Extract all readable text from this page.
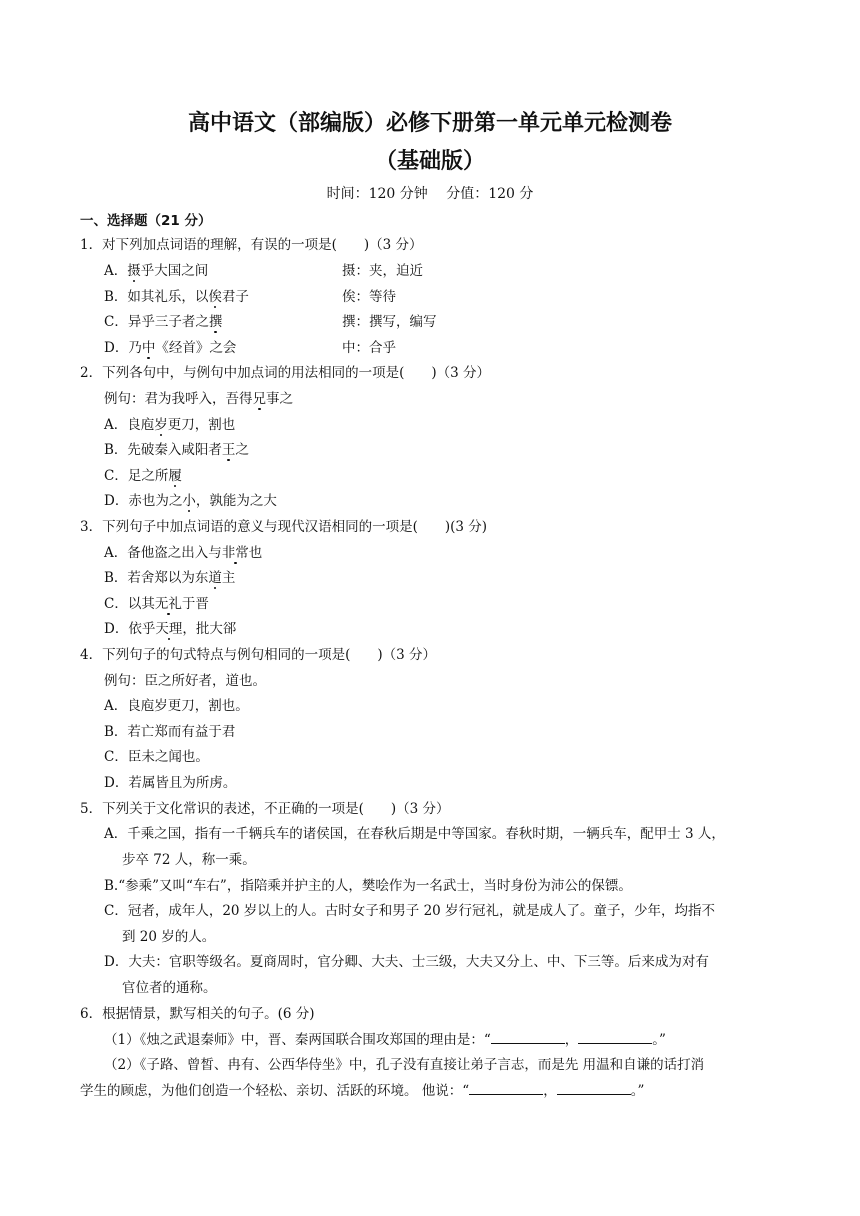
高中语文（部编版）必修下册第一单元单元检测卷
（基础版）
时间：120 分钟　 分值：120 分
一、选择题（21 分）
1．对下列加点词语的理解，有误的一项是(　　)（3 分）
A．摄乎大国之间	摄：夹，迫近
B．如其礼乐，以俟君子	俟：等待
C．异乎三子者之撰	撰：撰写，编写
D．乃中《经首》之会	中：合乎
2．下列各句中，与例句中加点词的用法相同的一项是(　　)（3 分）
例句：君为我呼入，吾得兄事之
A．良庖岁更刀，割也
B．先破秦入咸阳者王之
C．足之所履
D．赤也为之小，孰能为之大
3．下列句子中加点词语的意义与现代汉语相同的一项是(　　)(3 分)
A．备他盗之出入与非常也
B．若舍郑以为东道主
C．以其无礼于晋
D．依乎天理，批大郤
4．下列句子的句式特点与例句相同的一项是(　　)（3 分）
例句：臣之所好者，道也。
A．良庖岁更刀，割也。
B．若亡郑而有益于君
C．臣未之闻也。
D．若属皆且为所虏。
5．下列关于文化常识的表述，不正确的一项是(　　)（3 分）
A．千乘之国，指有一千辆兵车的诸侯国，在春秋后期是中等国家。春秋时期，一辆兵车，配甲士 3 人，
步卒 72 人，称一乘。
B.“参乘”又叫“车右”，指陪乘并护主的人，樊哙作为一名武士，当时身份为沛公的保镖。
C．冠者，成年人，20 岁以上的人。古时女子和男子 20 岁行冠礼，就是成人了。童子，少年，均指不
到 20 岁的人。
D．大夫：官职等级名。夏商周时，官分卿、大夫、士三级，大夫又分上、中、下三等。后来成为对有
官位者的通称。
6．根据情景，默写相关的句子。(6 分)
（1）《烛之武退秦师》中，晋、秦两国联合围攻郑国的理由是：“	，	。”
（2）《子路、曾皙、冉有、公西华侍坐》中，孔子没有直接让弟子言志，而是先 用温和自谦的话打消
学生的顾虑，为他们创造一个轻松、亲切、活跃的环境。 他说：“	，	。”
